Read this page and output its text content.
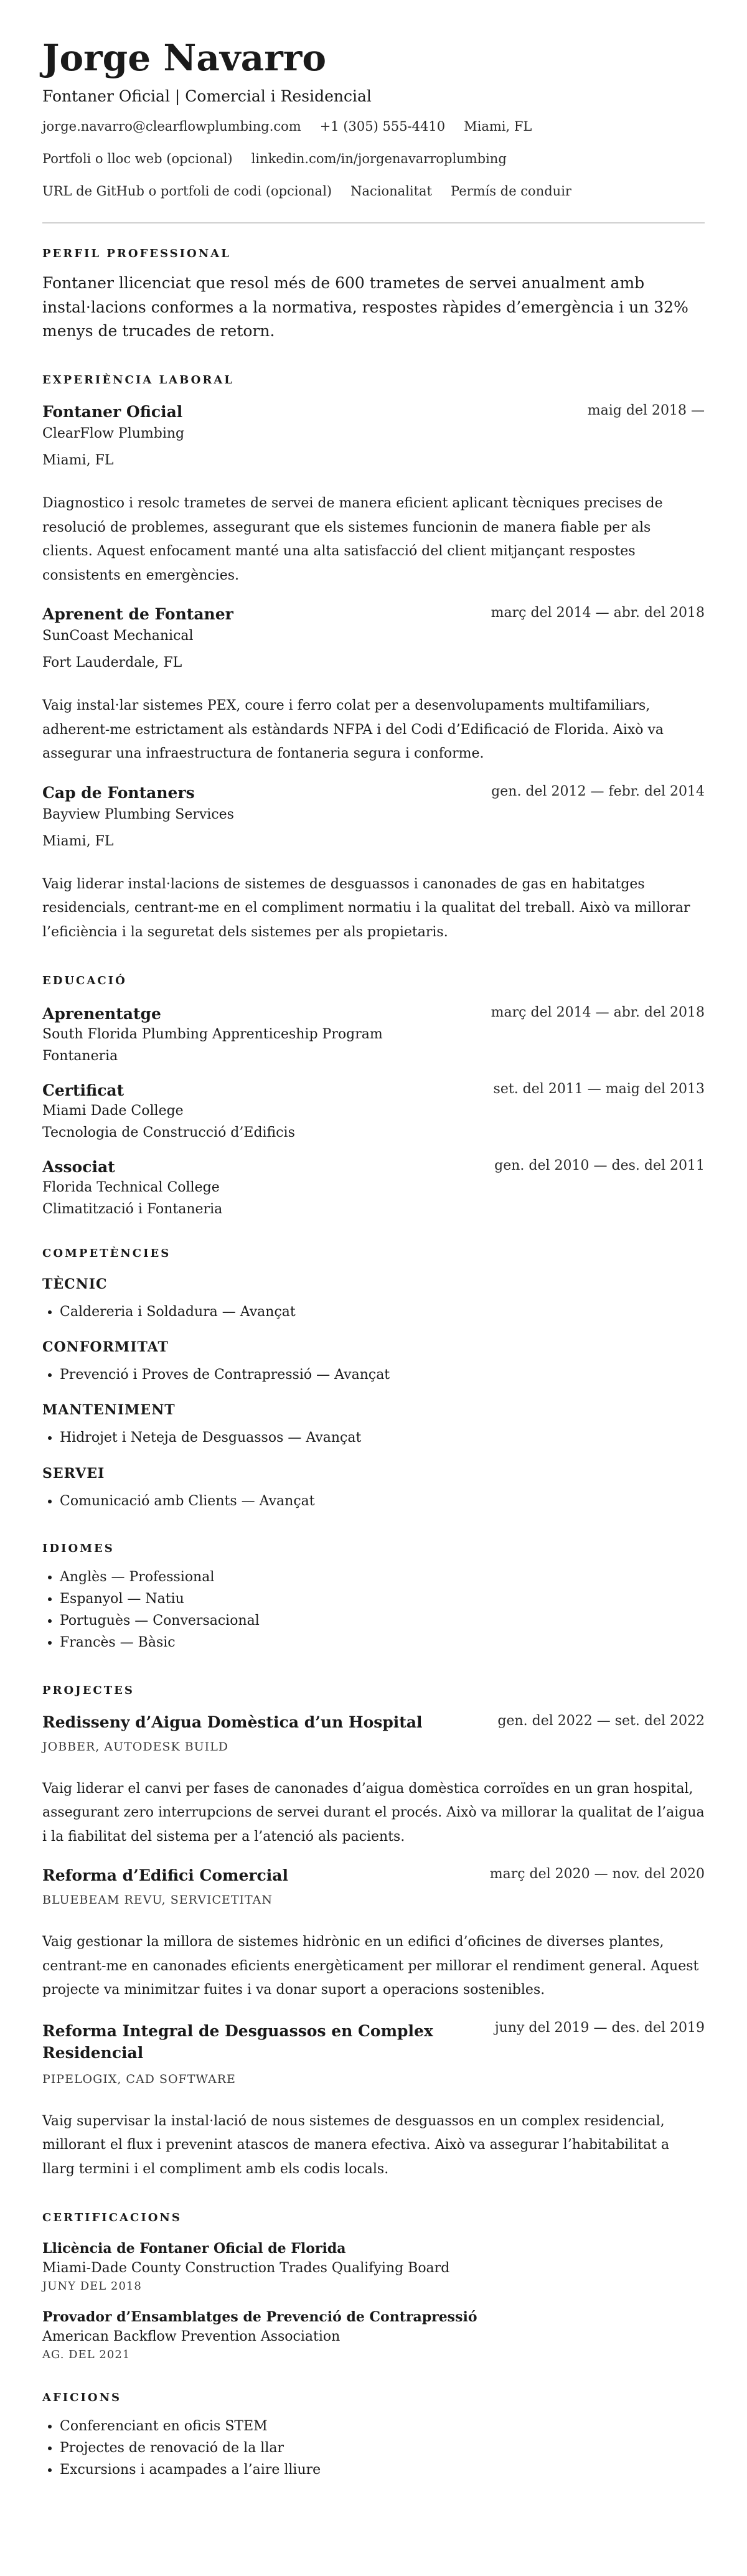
Jorge Navarro
Fontaner Oficial | Comercial i Residencial
jorge.navarro@clearflowplumbing.com +1 (305) 555-4410 Miami, FL
Portfoli o lloc web (opcional) linkedin.com/in/jorgenavarroplumbing
URL de GitHub o portfoli de codi (opcional) Nacionalitat Permís de conduir
PERFIL PROFESSIONAL
Fontaner llicenciat que resol més de 600 trametes de servei anualment amb instal·lacions conformes a la normativa, respostes ràpides d’emergència i un 32% menys de trucades de retorn.
EXPERIÈNCIA LABORAL
Fontaner Oficial	maig del 2018 —
ClearFlow Plumbing
Miami, FL
Diagnostico i resolc trametes de servei de manera eficient aplicant tècniques precises de resolució de problemes, assegurant que els sistemes funcionin de manera fiable per als clients. Aquest enfocament manté una alta satisfacció del client mitjançant respostes consistents en emergències.
Aprenent de Fontaner	març del 2014 — abr. del 2018
SunCoast Mechanical
Fort Lauderdale, FL
Vaig instal·lar sistemes PEX, coure i ferro colat per a desenvolupaments multifamiliars, adherent-me estrictament als estàndards NFPA i del Codi d’Edificació de Florida. Això va assegurar una infraestructura de fontaneria segura i conforme.
Cap de Fontaners	gen. del 2012 — febr. del 2014
Bayview Plumbing Services
Miami, FL
Vaig liderar instal·lacions de sistemes de desguassos i canonades de gas en habitatges residencials, centrant-me en el compliment normatiu i la qualitat del treball. Això va millorar l’eficiència i la seguretat dels sistemes per als propietaris.
EDUCACIÓ
Aprenentatge	març del 2014 — abr. del 2018
South Florida Plumbing Apprenticeship Program
Fontaneria
Certificat	set. del 2011 — maig del 2013
Miami Dade College
Tecnologia de Construcció d’Edificis
Associat	gen. del 2010 — des. del 2011
Florida Technical College
Climatització i Fontaneria
COMPETÈNCIES
TÈCNIC
• Caldereria i Soldadura — Avançat
CONFORMITAT
• Prevenció i Proves de Contrapressió — Avançat
MANTENIMENT
• Hidrojet i Neteja de Desguassos — Avançat
SERVEI
• Comunicació amb Clients — Avançat
IDIOMES
• Anglès — Professional
• Espanyol — Natiu
• Portuguès — Conversacional
• Francès — Bàsic
PROJECTES
Redisseny d’Aigua Domèstica d’un Hospital	gen. del 2022 — set. del 2022
JOBBER, AUTODESK BUILD
Vaig liderar el canvi per fases de canonades d’aigua domèstica corroïdes en un gran hospital, assegurant zero interrupcions de servei durant el procés. Això va millorar la qualitat de l’aigua i la fiabilitat del sistema per a l’atenció als pacients.
Reforma d’Edifici Comercial	març del 2020 — nov. del 2020
BLUEBEAM REVU, SERVICETITAN
Vaig gestionar la millora de sistemes hidrònic en un edifici d’oficines de diverses plantes, centrant-me en canonades eficients energèticament per millorar el rendiment general. Aquest projecte va minimitzar fuites i va donar suport a operacions sostenibles.
Reforma Integral de Desguassos en Complex Residencial
juny del 2019 — des. del 2019
PIPELOGIX, CAD SOFTWARE
Vaig supervisar la instal·lació de nous sistemes de desguassos en un complex residencial, millorant el flux i prevenint atascos de manera efectiva. Això va assegurar l’habitabilitat a llarg termini i el compliment amb els codis locals.
CERTIFICACIONS
Llicència de Fontaner Oficial de Florida
Miami-Dade County Construction Trades Qualifying Board
JUNY DEL 2018
Provador d’Ensamblatges de Prevenció de Contrapressió
American Backflow Prevention Association
AG. DEL 2021
AFICIONS
• Conferenciant en oficis STEM
• Projectes de renovació de la llar
• Excursions i acampades a l’aire lliure
